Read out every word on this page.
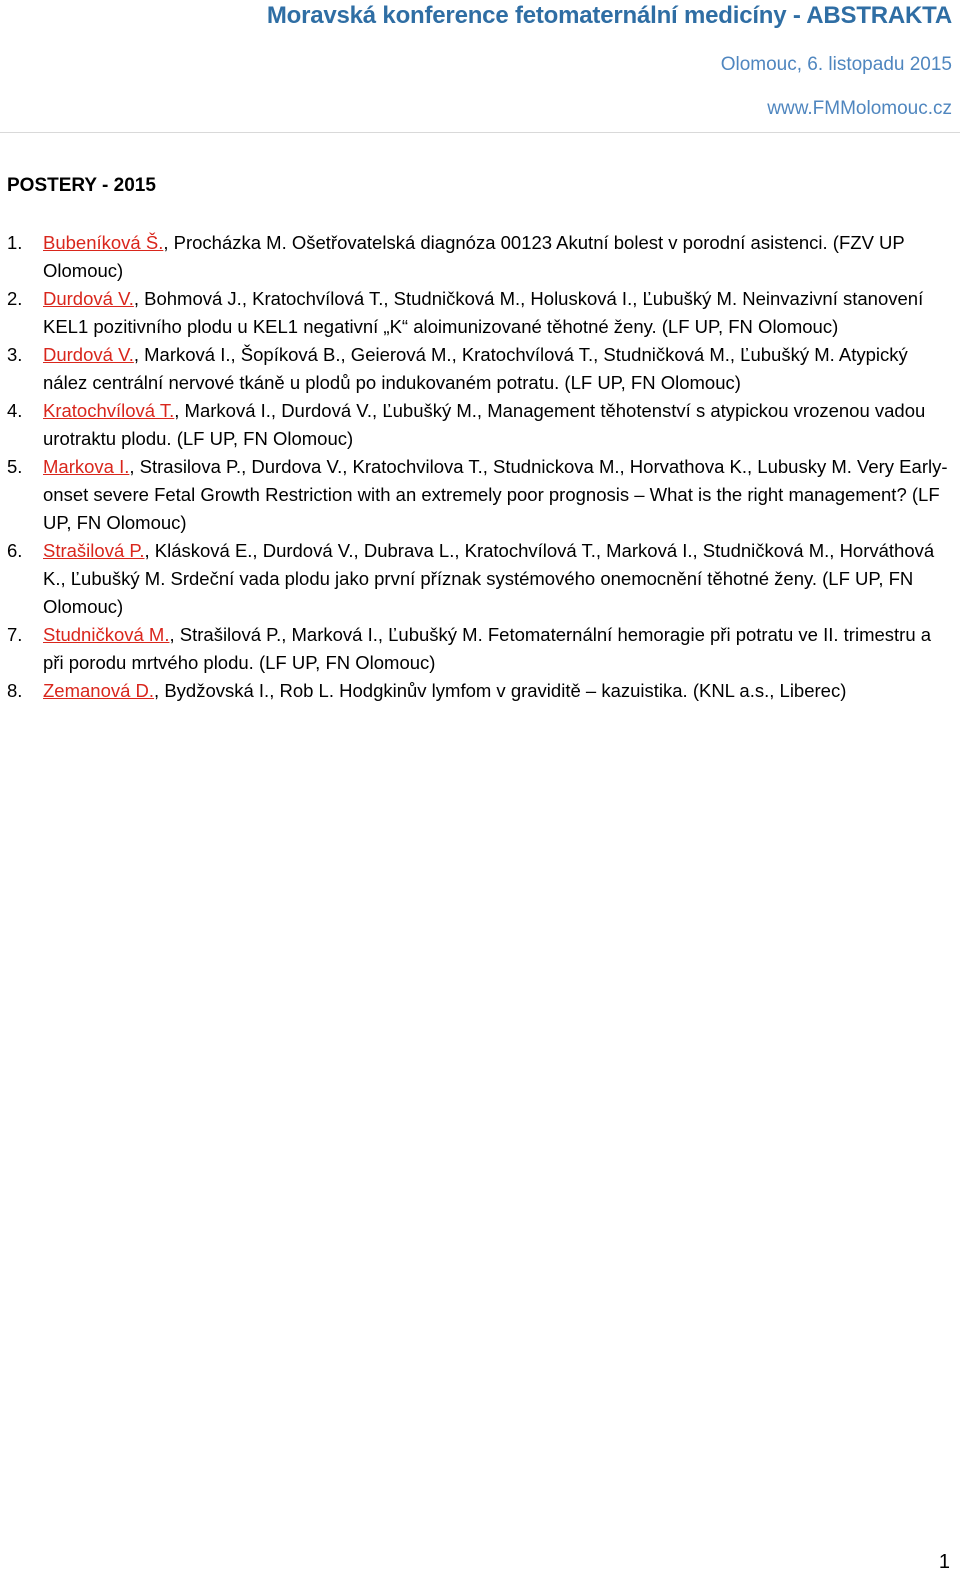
Moravská konference fetomaternální medicíny - ABSTRAKTA
Olomouc, 6. listopadu 2015
www.FMMolomouc.cz
POSTERY - 2015
1. Bubeníková Š., Procházka M. Ošetřovatelská diagnóza 00123 Akutní bolest v porodní asistenci. (FZV UP Olomouc)
2. Durdová V., Bohmová J., Kratochvílová T., Studničková M., Holusková I., Ľubušký M. Neinvazivní stanovení KEL1 pozitivního plodu u KEL1 negativní „K“ aloimunizované těhotné ženy. (LF UP, FN Olomouc)
3. Durdová V., Marková I., Šopíková B., Geierová M., Kratochvílová T., Studničková M., Ľubušký M. Atypický nález centrální nervové tkáně u plodů po indukovaném potratu. (LF UP, FN Olomouc)
4. Kratochvílová T., Marková I., Durdová V., Ľubušký M., Management těhotenství s atypickou vrozenou vadou urotraktu plodu. (LF UP, FN Olomouc)
5. Markova I., Strasilova P., Durdova V., Kratochvilova T., Studnickova M., Horvathova K., Lubusky M. Very Early-onset severe Fetal Growth Restriction with an extremely poor prognosis – What is the right management? (LF UP, FN Olomouc)
6. Strašilová P., Klásková E., Durdová V., Dubrava L., Kratochvílová T., Marková I., Studničková M., Horváthová K., Ľubušký M. Srdeční vada plodu jako první příznak systémového onemocnění těhotné ženy. (LF UP, FN Olomouc)
7. Studničková M., Strašilová P., Marková I., Ľubušký M. Fetomaternální hemoragie při potratu ve II. trimestru a při porodu mrtvého plodu. (LF UP, FN Olomouc)
8. Zemanová D., Bydžovská I., Rob L. Hodgkinův lymfom v graviditě – kazuistika. (KNL a.s., Liberec)
1
